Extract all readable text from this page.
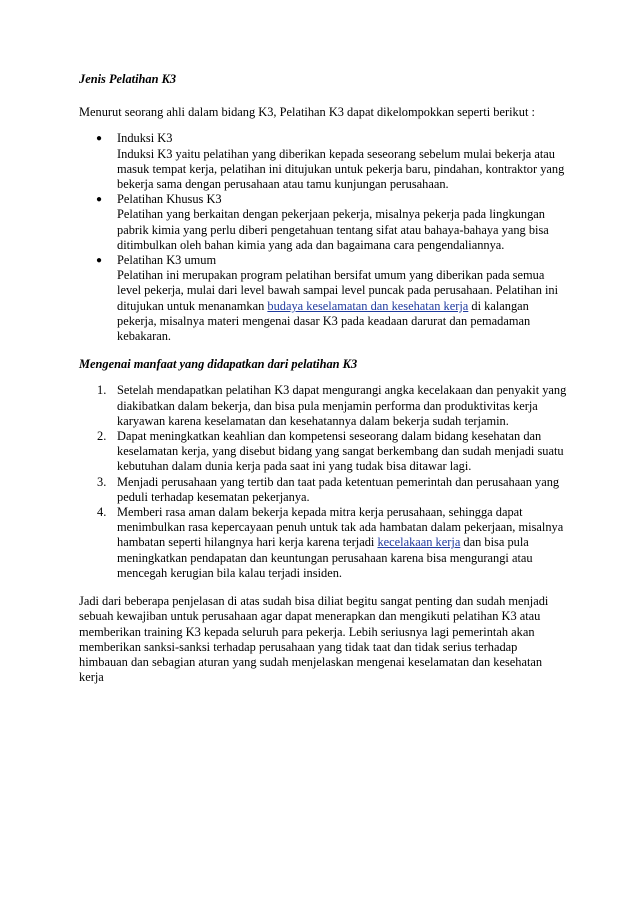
Jenis Pelatihan K3

Menurut seorang ahli dalam bidang K3, Pelatihan K3 dapat dikelompokkan seperti berikut :

● Induksi K3
Induksi K3 yaitu pelatihan yang diberikan kepada seseorang sebelum mulai bekerja atau masuk tempat kerja, pelatihan ini ditujukan untuk pekerja baru, pindahan, kontraktor yang bekerja sama dengan perusahaan atau tamu kunjungan perusahaan.
● Pelatihan Khusus K3
Pelatihan yang berkaitan dengan pekerjaan pekerja, misalnya pekerja pada lingkungan pabrik kimia yang perlu diberi pengetahuan tentang sifat atau bahaya-bahaya yang bisa ditimbulkan oleh bahan kimia yang ada dan bagaimana cara pengendaliannya.
● Pelatihan K3 umum
Pelatihan ini merupakan program pelatihan bersifat umum yang diberikan pada semua level pekerja, mulai dari level bawah sampai level puncak pada perusahaan. Pelatihan ini ditujukan untuk menanamkan budaya keselamatan dan kesehatan kerja di kalangan pekerja, misalnya materi mengenai dasar K3 pada keadaan darurat dan pemadaman kebakaran.

Mengenai manfaat yang didapatkan dari pelatihan K3

1. Setelah mendapatkan pelatihan K3 dapat mengurangi angka kecelakaan dan penyakit yang diakibatkan dalam bekerja, dan bisa pula menjamin performa dan produktivitas kerja karyawan karena keselamatan dan kesehatannya dalam bekerja sudah terjamin.
2. Dapat meningkatkan keahlian dan kompetensi seseorang dalam bidang kesehatan dan keselamatan kerja, yang disebut bidang yang sangat berkembang dan sudah menjadi suatu kebutuhan dalam dunia kerja pada saat ini yang tudak bisa ditawar lagi.
3. Menjadi perusahaan yang tertib dan taat pada ketentuan pemerintah dan perusahaan yang peduli terhadap kesematan pekerjanya.
4. Memberi rasa aman dalam bekerja kepada mitra kerja perusahaan, sehingga dapat menimbulkan rasa kepercayaan penuh untuk tak ada hambatan dalam pekerjaan, misalnya hambatan seperti hilangnya hari kerja karena terjadi kecelakaan kerja dan bisa pula meningkatkan pendapatan dan keuntungan perusahaan karena bisa mengurangi atau mencegah kerugian bila kalau terjadi insiden.

Jadi dari beberapa penjelasan di atas sudah bisa diliat begitu sangat penting dan sudah menjadi sebuah kewajiban untuk perusahaan agar dapat menerapkan dan mengikuti pelatihan K3 atau memberikan training K3 kepada seluruh para pekerja. Lebih seriusnya lagi pemerintah akan memberikan sanksi-sanksi terhadap perusahaan yang tidak taat dan tidak serius terhadap himbauan dan sebagian aturan yang sudah menjelaskan mengenai keselamatan dan kesehatan kerja
